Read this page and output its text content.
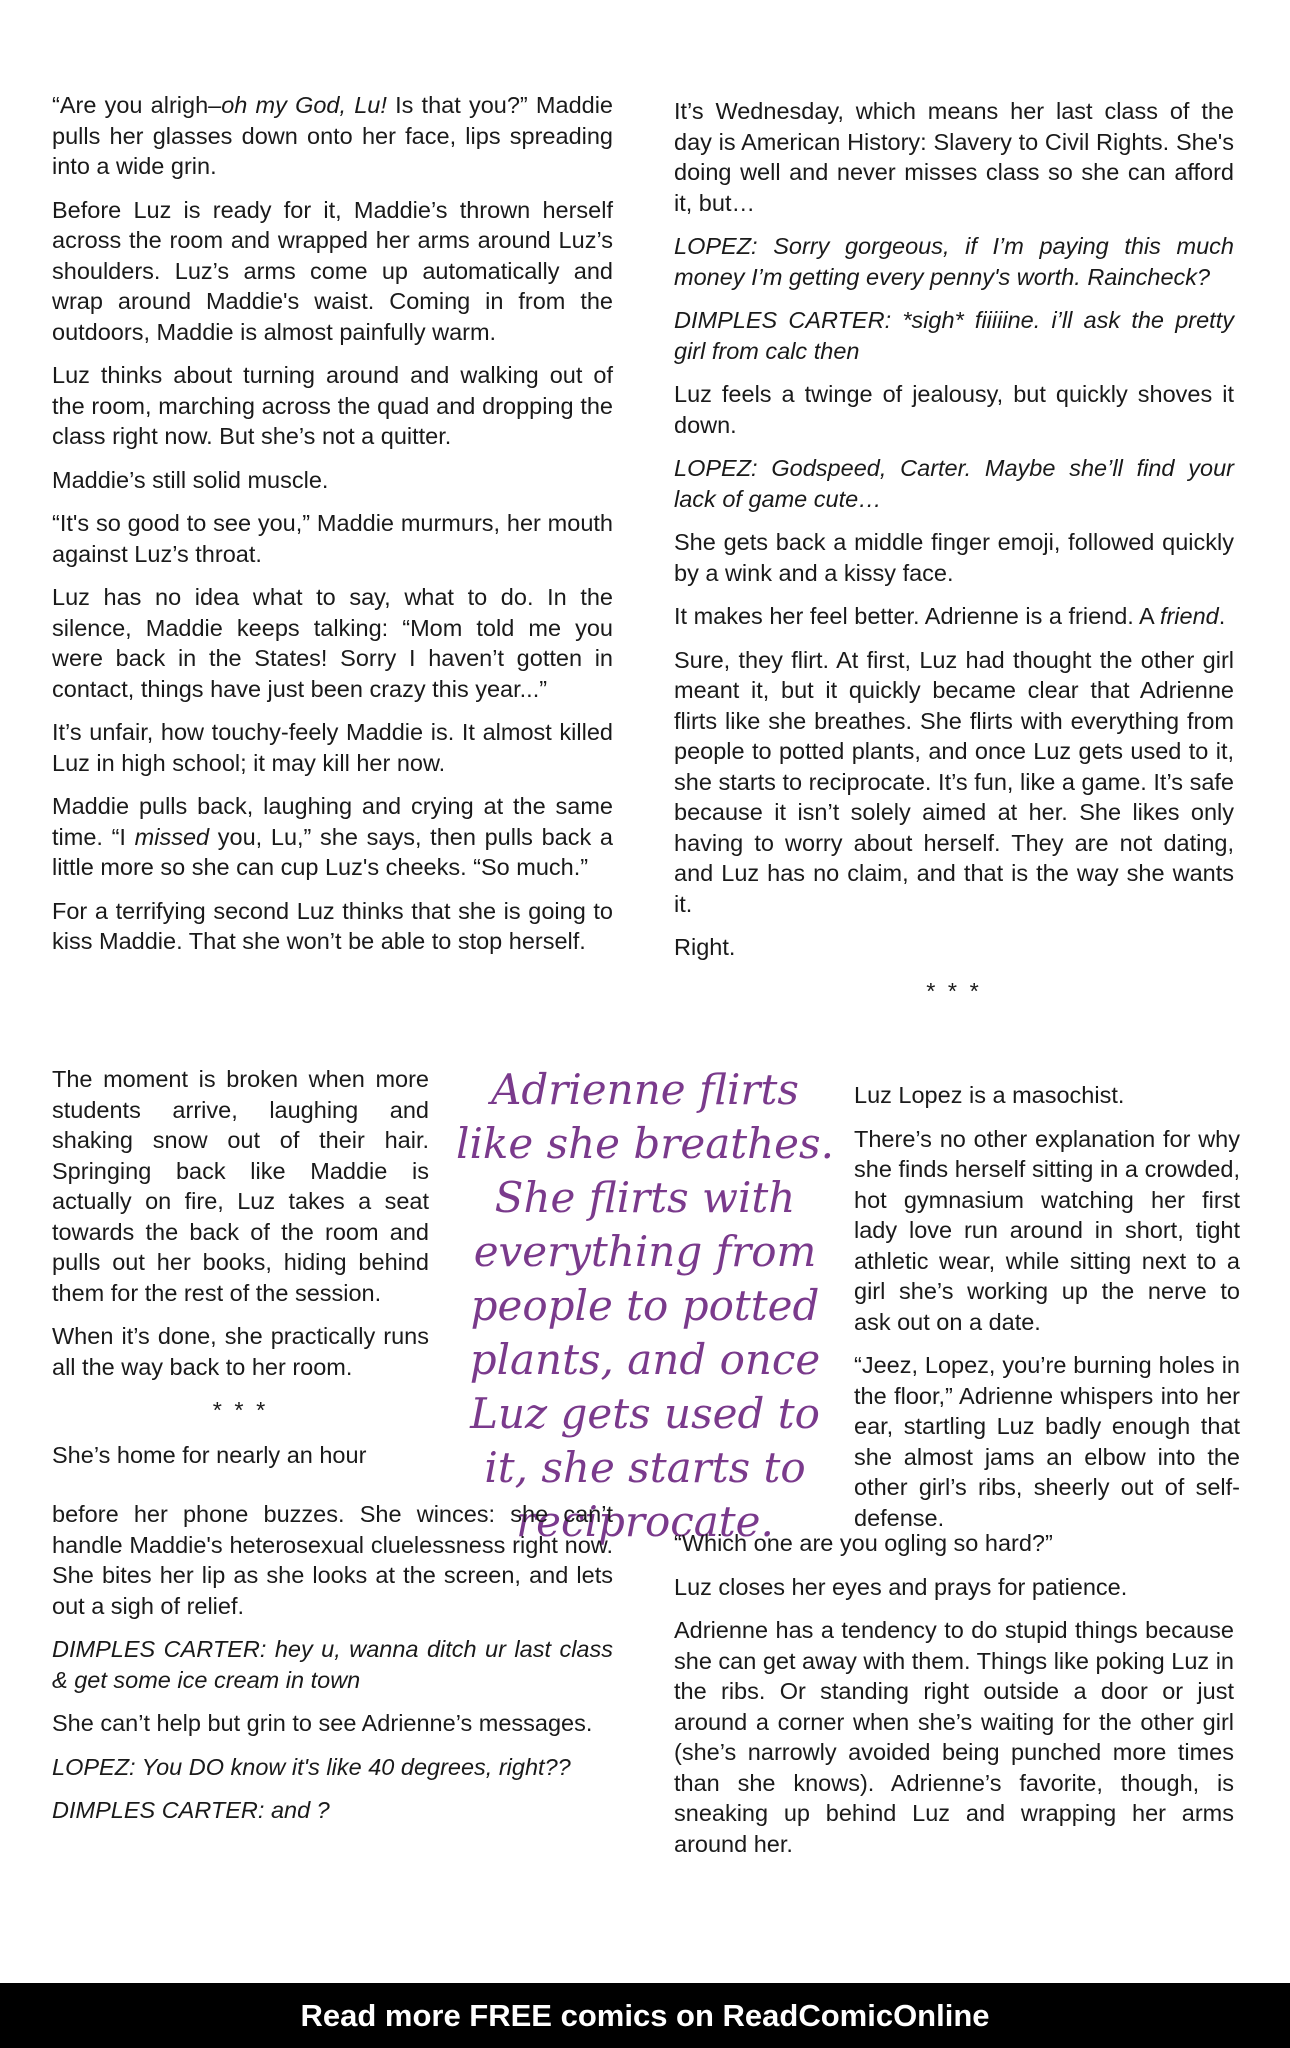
“Are you alrigh–oh my God, Lu! Is that you?” Maddie pulls her glasses down onto her face, lips spreading into a wide grin.

Before Luz is ready for it, Maddie’s thrown herself across the room and wrapped her arms around Luz’s shoulders. Luz’s arms come up automatically and wrap around Maddie's waist. Coming in from the outdoors, Maddie is almost painfully warm.

Luz thinks about turning around and walking out of the room, marching across the quad and dropping the class right now. But she’s not a quitter.

Maddie’s still solid muscle.

“It's so good to see you,” Maddie murmurs, her mouth against Luz’s throat.

Luz has no idea what to say, what to do. In the silence, Maddie keeps talking: “Mom told me you were back in the States! Sorry I haven’t gotten in contact, things have just been crazy this year...”

It’s unfair, how touchy-feely Maddie is. It almost killed Luz in high school; it may kill her now.

Maddie pulls back, laughing and crying at the same time. “I missed you, Lu,” she says, then pulls back a little more so she can cup Luz's cheeks. “So much.”

For a terrifying second Luz thinks that she is going to kiss Maddie. That she won’t be able to stop herself.

The moment is broken when more students arrive, laughing and shaking snow out of their hair. Springing back like Maddie is actually on fire, Luz takes a seat towards the back of the room and pulls out her books, hiding behind them for the rest of the session.

When it’s done, she practically runs all the way back to her room.

* * *

She’s home for nearly an hour

Adrienne flirts like she breathes. She flirts with everything from people to potted plants, and once Luz gets used to it, she starts to reciprocate.

before her phone buzzes. She winces: she can’t handle Maddie's heterosexual cluelessness right now. She bites her lip as she looks at the screen, and lets out a sigh of relief.

DIMPLES CARTER: hey u, wanna ditch ur last class & get some ice cream in town

She can’t help but grin to see Adrienne’s messages.

LOPEZ: You DO know it's like 40 degrees, right??

DIMPLES CARTER: and ?

It’s Wednesday, which means her last class of the day is American History: Slavery to Civil Rights. She's doing well and never misses class so she can afford it, but…

LOPEZ: Sorry gorgeous, if I’m paying this much money I’m getting every penny's worth. Raincheck?

DIMPLES CARTER: *sigh* fiiiiine. i’ll ask the pretty girl from calc then

Luz feels a twinge of jealousy, but quickly shoves it down.

LOPEZ: Godspeed, Carter. Maybe she’ll find your lack of game cute…

She gets back a middle finger emoji, followed quickly by a wink and a kissy face.

It makes her feel better. Adrienne is a friend. A friend.

Sure, they flirt. At first, Luz had thought the other girl meant it, but it quickly became clear that Adrienne flirts like she breathes. She flirts with everything from people to potted plants, and once Luz gets used to it, she starts to reciprocate. It’s fun, like a game. It’s safe because it isn’t solely aimed at her. She likes only having to worry about herself. They are not dating, and Luz has no claim, and that is the way she wants it.

Right.

* * *

Luz Lopez is a masochist.

There’s no other explanation for why she finds herself sitting in a crowded, hot gymnasium watching her first lady love run around in short, tight athletic wear, while sitting next to a girl she’s working up the nerve to ask out on a date.

“Jeez, Lopez, you’re burning holes in the floor,” Adrienne whispers into her ear, startling Luz badly enough that she almost jams an elbow into the other girl’s ribs, sheerly out of self-defense.

“Which one are you ogling so hard?”

Luz closes her eyes and prays for patience.

Adrienne has a tendency to do stupid things because she can get away with them. Things like poking Luz in the ribs. Or standing right outside a door or just around a corner when she’s waiting for the other girl (she’s narrowly avoided being punched more times than she knows). Adrienne’s favorite, though, is sneaking up behind Luz and wrapping her arms around her.

Read more FREE comics on ReadComicOnline
